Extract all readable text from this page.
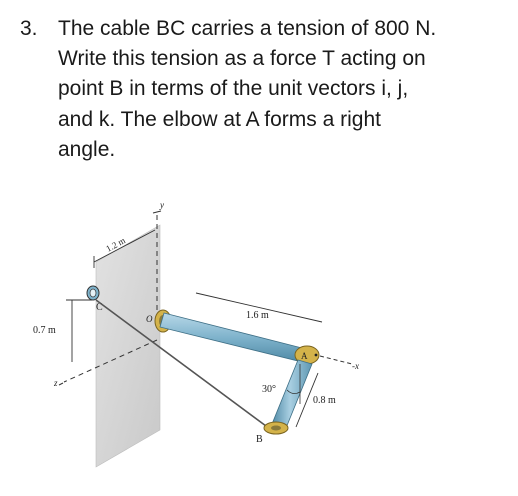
3. The cable BC carries a tension of 800 N.
Write this tension as a force T acting on
point B in terms of the unit vectors i, j,
and k. The elbow at A forms a right
angle.
y
z
1.2 m
0.7 m
C
O	1.6 m
A
-x
30°
0.8 m
B
